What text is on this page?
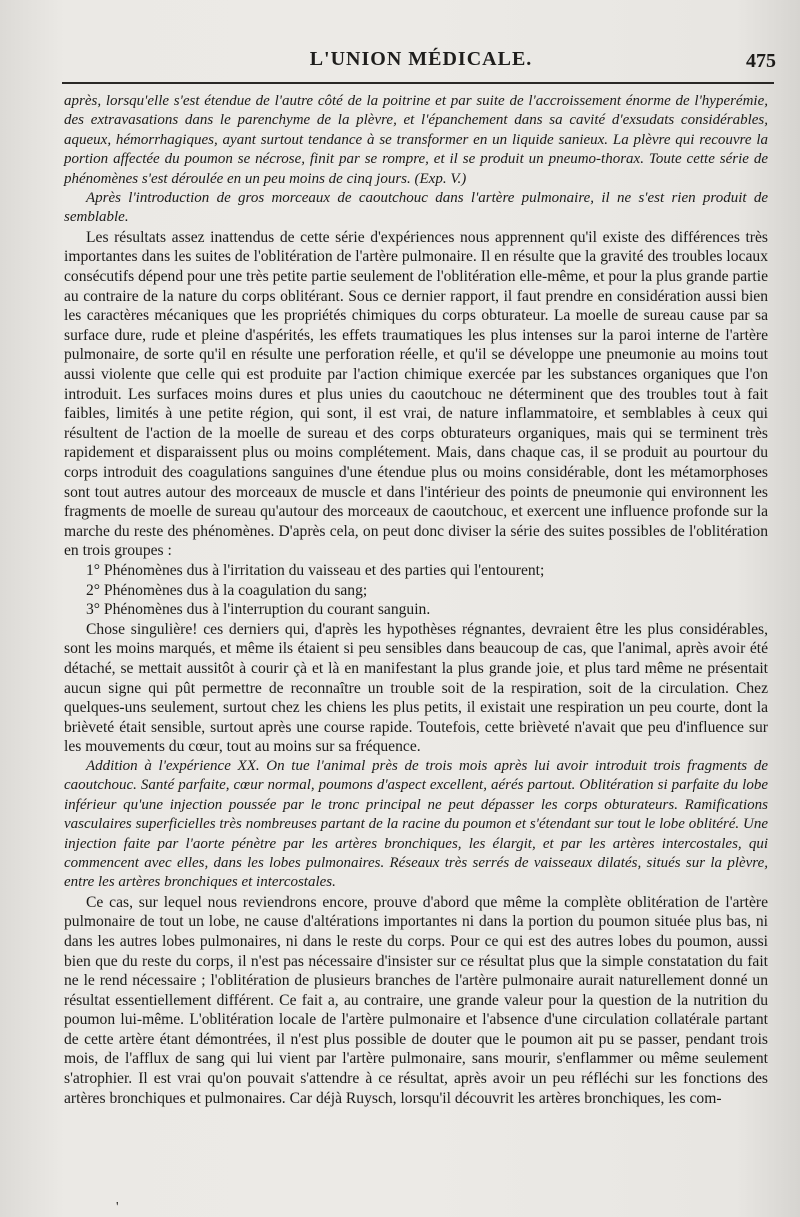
L'UNION MÉDICALE.	475

après, lorsqu'elle s'est étendue de l'autre côté de la poitrine et par suite de l'accroissement énorme de l'hyperémie, des extravasations dans le parenchyme de la plèvre, et l'épanchement dans sa cavité d'exsudats considérables, aqueux, hémorrhagiques, ayant surtout tendance à se transformer en un liquide sanieux. La plèvre qui recouvre la portion affectée du poumon se nécrose, finit par se rompre, et il se produit un pneumo-thorax. Toute cette série de phénomènes s'est déroulée en un peu moins de cinq jours. (Exp. V.)

Après l'introduction de gros morceaux de caoutchouc dans l'artère pulmonaire, il ne s'est rien produit de semblable.

Les résultats assez inattendus de cette série d'expériences nous apprennent qu'il existe des différences très importantes dans les suites de l'oblitération de l'artère pulmonaire. Il en résulte que la gravité des troubles locaux consécutifs dépend pour une très petite partie seulement de l'oblitération elle-même, et pour la plus grande partie au contraire de la nature du corps oblitérant. Sous ce dernier rapport, il faut prendre en considération aussi bien les caractères mécaniques que les propriétés chimiques du corps obturateur. La moelle de sureau cause par sa surface dure, rude et pleine d'aspérités, les effets traumatiques les plus intenses sur la paroi interne de l'artère pulmonaire, de sorte qu'il en résulte une perforation réelle, et qu'il se développe une pneumonie au moins tout aussi violente que celle qui est produite par l'action chimique exercée par les substances organiques que l'on introduit. Les surfaces moins dures et plus unies du caoutchouc ne déterminent que des troubles tout à fait faibles, limités à une petite région, qui sont, il est vrai, de nature inflammatoire, et semblables à ceux qui résultent de l'action de la moelle de sureau et des corps obturateurs organiques, mais qui se terminent très rapidement et disparaissent plus ou moins complétement. Mais, dans chaque cas, il se produit au pourtour du corps introduit des coagulations sanguines d'une étendue plus ou moins considérable, dont les métamorphoses sont tout autres autour des morceaux de muscle et dans l'intérieur des points de pneumonie qui environnent les fragments de moelle de sureau qu'autour des morceaux de caoutchouc, et exercent une influence profonde sur la marche du reste des phénomènes. D'après cela, on peut donc diviser la série des suites possibles de l'oblitération en trois groupes :

1° Phénomènes dus à l'irritation du vaisseau et des parties qui l'entourent;

2° Phénomènes dus à la coagulation du sang;

3° Phénomènes dus à l'interruption du courant sanguin.

Chose singulière! ces derniers qui, d'après les hypothèses régnantes, devraient être les plus considérables, sont les moins marqués, et même ils étaient si peu sensibles dans beaucoup de cas, que l'animal, après avoir été détaché, se mettait aussitôt à courir çà et là en manifestant la plus grande joie, et plus tard même ne présentait aucun signe qui pût permettre de reconnaître un trouble soit de la respiration, soit de la circulation. Chez quelques-uns seulement, surtout chez les chiens les plus petits, il existait une respiration un peu courte, dont la brièveté était sensible, surtout après une course rapide. Toutefois, cette brièveté n'avait que peu d'influence sur les mouvements du cœur, tout au moins sur sa fréquence.

Addition à l'expérience XX. On tue l'animal près de trois mois après lui avoir introduit trois fragments de caoutchouc. Santé parfaite, cœur normal, poumons d'aspect excellent, aérés partout. Oblitération si parfaite du lobe inférieur qu'une injection poussée par le tronc principal ne peut dépasser les corps obturateurs. Ramifications vasculaires superficielles très nombreuses partant de la racine du poumon et s'étendant sur tout le lobe oblitéré. Une injection faite par l'aorte pénètre par les artères bronchiques, les élargit, et par les artères intercostales, qui commencent avec elles, dans les lobes pulmonaires. Réseaux très serrés de vaisseaux dilatés, situés sur la plèvre, entre les artères bronchiques et intercostales.

Ce cas, sur lequel nous reviendrons encore, prouve d'abord que même la complète oblitération de l'artère pulmonaire de tout un lobe, ne cause d'altérations importantes ni dans la portion du poumon située plus bas, ni dans les autres lobes pulmonaires, ni dans le reste du corps. Pour ce qui est des autres lobes du poumon, aussi bien que du reste du corps, il n'est pas nécessaire d'insister sur ce résultat plus que la simple constatation du fait ne le rend nécessaire ; l'oblitération de plusieurs branches de l'artère pulmonaire aurait naturellement donné un résultat essentiellement différent. Ce fait a, au contraire, une grande valeur pour la question de la nutrition du poumon lui-même. L'oblitération locale de l'artère pulmonaire et l'absence d'une circulation collatérale partant de cette artère étant démontrées, il n'est plus possible de douter que le poumon ait pu se passer, pendant trois mois, de l'afflux de sang qui lui vient par l'artère pulmonaire, sans mourir, s'enflammer ou même seulement s'atrophier. Il est vrai qu'on pouvait s'attendre à ce résultat, après avoir un peu réfléchi sur les fonctions des artères bronchiques et pulmonaires. Car déjà Ruysch, lorsqu'il découvrit les artères bronchiques, les com-

'
